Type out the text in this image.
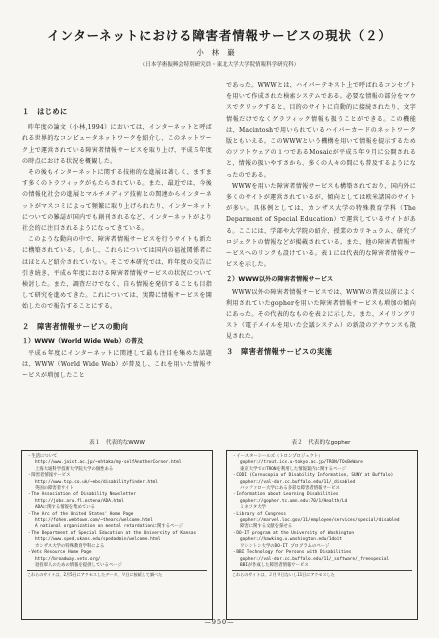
インターネットにおける障害者情報サービスの現状（２）
小林巌
（日本学術振興会特別研究員・東北大学大学院情報科学研究科）
１　はじめに

昨年度の論文（小林,1994）においては、インターネットと呼ばれる世界的なコンピュータネットワークを紹介し、このネットワーク上で運営されている障害者情報サービスを取り上げ、平成５年度の時点における状況を概観した。

その後もインターネットに関する技術的な進展は著しく、ますます多くのトラフィックがもたらされている。また、最近では、今後の情報化社会の進展とマルチメディア技術との関連からインターネットがマスコミによって頻繁に取り上げられたり、インターネットについての雑誌が国内でも創刊されるなど、インターネットがより社会的に注目されるようになってきている。

このような動向の中で、障害者情報サービスを行うサイトも新たに構築されている。しかし、これらについては国内の福祉関係者にはほとんど紹介されていない。そこで本研究では、昨年度の交告に引き続き、平成６年度における障害者情報サービスの状況について検討した。また、調査だけでなく、自ら情報を発信することも目指して研究を進めてきた。これについては、実際に情報サービスを開始したので報告することにする。

２　障害者情報サービスの動向
１）WWW（World Wide Web）の普及

平成６年度にインターネットに関連して最も注目を集めた話題は、WWW（World Wide Web）が普及し、これを用いた情報サービスが増加したこと

であった。WWWとは、ハイパーテキスト上で呼ばれるコンセプトを用いて作成された検索システムである。必要な情報の部分をマウスでクリックすると、目的のサイトに自動的に接続されたり、文字情報だけでなくグラフィック情報も扱うことができる。この機能は、Macintoshで用いられているハイパーカードのネットワーク版ともいえる。このWWWという機構を用いて情報を提示するためのソフトウェアの１つであるMosaicが平成５年９月に公開されると、情報の扱いやすさから、多くの人々の間にも普及するようになったのである。

WWWを用いた障害者情報サービスも構築されており、国内外に多くのサイトが運営されているが、傾向としては欧米諸国のサイトが多い。具体例としては、カンザス大学の特殊教育学科（The Deparment of Special Education）で運営しているサイトがある。ここには、学部や大学院の紹介、授業のカリキュラム、研究プロジェクトの情報などが掲載されている。また、他の障害者情報サービスへのリンクも設けている。表１には代表的な障害者情報サービスを示した。

２）WWW以外の障害者情報サービス

WWW以外の障害者情報サービスでは、WWWの普及以前によく利用されていたgopherを用いた障害者情報サービスも増加の傾向にあった。その代表的なものを表２に示した。また、メイリングリスト（電子メイルを用いた会議システム）の新設のアナウンスも散見された。

３　障害者情報サービスの実施
表１　代表的なWWW
・生活について
http://www.jaist.ac.jp/~ohtaka/my-selfAnotherCorner.html
上海大通科学技術大学院大学の個性ある
・障害者情報サービス
http://www.tcp.co.uk/~ebs/disabilityfinder.html
英国の障害者サイト
・The Association of Disability Newsletter
http://jobs.aru.fl.ostena/ADA.html
ADAに関する情報を集めている
・The Arc of the United States' Home Page
http://fohen.webtown.com/~thearc/welcome.html
A national organization on mental retardationに関するページ
・The Department of Special Education at the University of Kansas
http://www.sped.ukans.edu/spedadmin/welcome.html
カンザス大学の特殊教育学科による
・Vets Resource Home Page
http://broadway.vets.org/
退役軍人のための情報を提供しているページ
これらのサイトは、2月5日にアクセスしたデータ、９日に接続して調べた
表２　代表的なgopher
・イースターシールズ（トロンプロジェクト）
gopher://trout.ics.u-tokyo.ac.jp/TRON/TOsBeWare
東京大学でのTRONを利用した情報案内に関するページ
・CODI (Cornucopia of Disability Information, SUNY at Buffalo)
gopher://val-dor.cc.buffalo.edu/11/_disabled
バッファロー大学にある多彩な障害者情報サービス
・Information about Learning Disabilities
gopher://gopher.tc.umn.edu:70/1/Health/Ld
ミネソタ大学
・Library of Congress
gopher://marvel.loc.gov/11/employee/services/special/disabled
障害に関する文献を探せる
・DO-IT program at the University of Washington
gopher://hawking.u.washington.edu/1doit
ワシントン大学のDO-IT プログラムのページ
・BBI Technology for Persons with Disabilities
gopher://val-dor.cc.buffalo.edu/11/_software/_freespecial
BBIが作成した障害者情報サービス
これらのサイトは、２月９日ないし11日にアクセスした
—950—
